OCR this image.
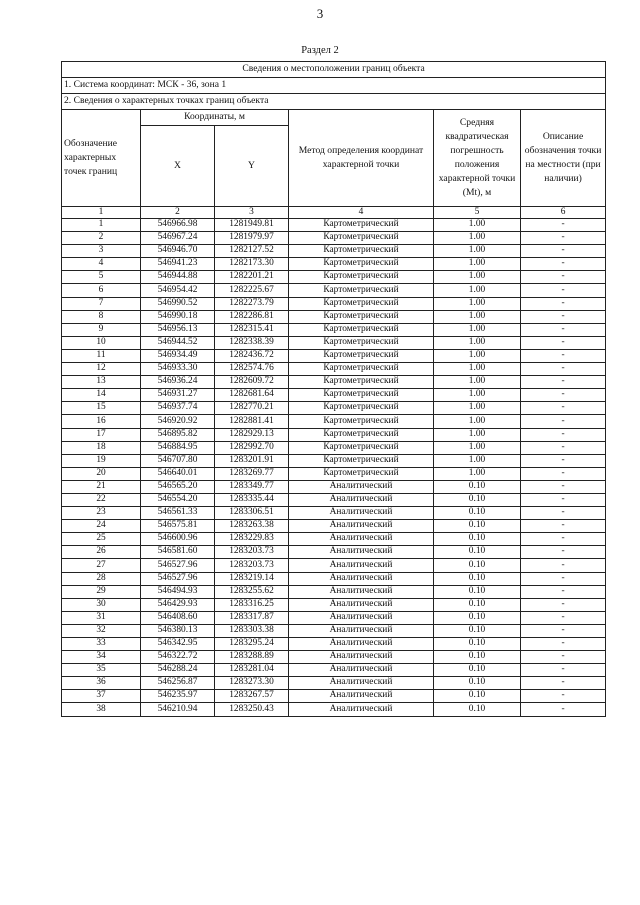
3
Раздел 2
Сведения о местоположении границ объекта					
1. Система координат: МСК - 36, зона 1					
2. Сведения о характерных точках границ объекта					

Обозначение характерных точек границ	Координаты, м		Метод определения координат характерной точки	Средняя квадратическая погрешность положения характерной точки (Mt), м	Описание обозначения точки на местности (при наличии)

	X	Y			
1	2	3	4	5	6
1	546966.98	1281949.81	Картометрический	1.00	-
2	546967.24	1281979.97	Картометрический	1.00	-
3	546946.70	1282127.52	Картометрический	1.00	-
4	546941.23	1282173.30	Картометрический	1.00	-
5	546944.88	1282201.21	Картометрический	1.00	-
6	546954.42	1282225.67	Картометрический	1.00	-
7	546990.52	1282273.79	Картометрический	1.00	-
8	546990.18	1282286.81	Картометрический	1.00	-
9	546956.13	1282315.41	Картометрический	1.00	-
10	546944.52	1282338.39	Картометрический	1.00	-
11	546934.49	1282436.72	Картометрический	1.00	-
12	546933.30	1282574.76	Картометрический	1.00	-
13	546936.24	1282609.72	Картометрический	1.00	-
14	546931.27	1282681.64	Картометрический	1.00	-
15	546937.74	1282770.21	Картометрический	1.00	-
16	546920.92	1282881.41	Картометрический	1.00	-
17	546895.82	1282929.13	Картометрический	1.00	-
18	546884.95	1282992.70	Картометрический	1.00	-
19	546707.80	1283201.91	Картометрический	1.00	-
20	546640.01	1283269.77	Картометрический	1.00	-
21	546565.20	1283349.77	Аналитический	0.10	-
22	546554.20	1283335.44	Аналитический	0.10	-
23	546561.33	1283306.51	Аналитический	0.10	-
24	546575.81	1283263.38	Аналитический	0.10	-
25	546600.96	1283229.83	Аналитический	0.10	-
26	546581.60	1283203.73	Аналитический	0.10	-
27	546527.96	1283203.73	Аналитический	0.10	-
28	546527.96	1283219.14	Аналитический	0.10	-
29	546494.93	1283255.62	Аналитический	0.10	-
30	546429.93	1283316.25	Аналитический	0.10	-
31	546408.60	1283317.87	Аналитический	0.10	-
32	546380.13	1283303.38	Аналитический	0.10	-
33	546342.95	1283295.24	Аналитический	0.10	-
34	546322.72	1283288.89	Аналитический	0.10	-
35	546288.24	1283281.04	Аналитический	0.10	-
36	546256.87	1283273.30	Аналитический	0.10	-
37	546235.97	1283267.57	Аналитический	0.10	-
38	546210.94	1283250.43	Аналитический	0.10	-
